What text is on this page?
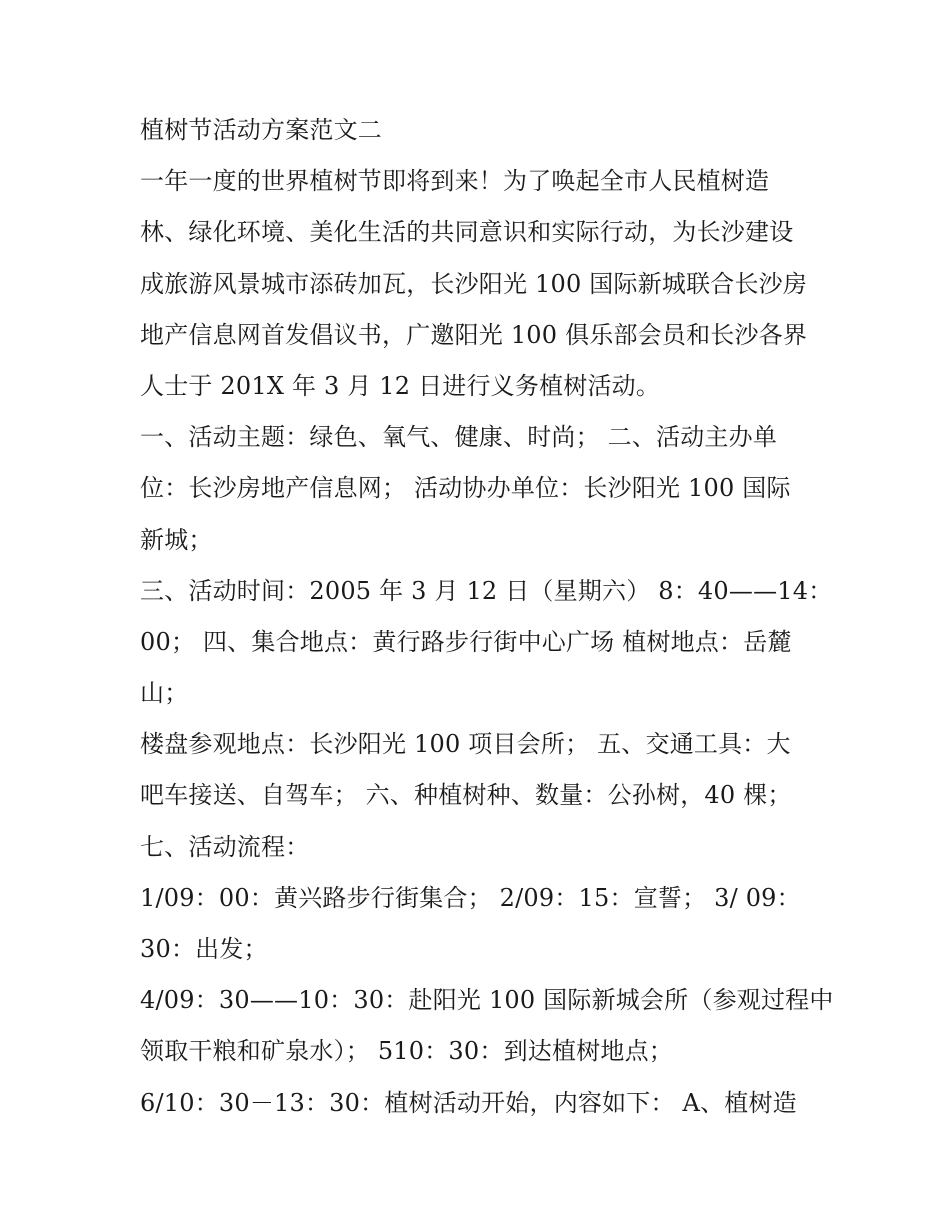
植树节活动方案范文二
一年一度的世界植树节即将到来！为了唤起全市人民植树造
林、绿化环境、美化生活的共同意识和实际行动，为长沙建设
成旅游风景城市添砖加瓦，长沙阳光 100 国际新城联合长沙房
地产信息网首发倡议书，广邀阳光 100 俱乐部会员和长沙各界
人士于 201X 年 3 月 12 日进行义务植树活动。
一、活动主题：绿色、氧气、健康、时尚； 二、活动主办单
位：长沙房地产信息网； 活动协办单位：长沙阳光 100 国际
新城；
三、活动时间：2005 年 3 月 12 日（星期六） 8：40——14：
00； 四、集合地点：黄行路步行街中心广场 植树地点：岳麓
山；
楼盘参观地点：长沙阳光 100 项目会所； 五、交通工具：大
吧车接送、自驾车； 六、种植树种、数量：公孙树，40 棵；
七、活动流程：
1/09：00：黄兴路步行街集合； 2/09：15：宣誓； 3/ 09：
30：出发；
4/09：30——10：30：赴阳光 100 国际新城会所（参观过程中
领取干粮和矿泉水）； 510：30：到达植树地点；
6/10：30－13：30：植树活动开始，内容如下： A、植树造
